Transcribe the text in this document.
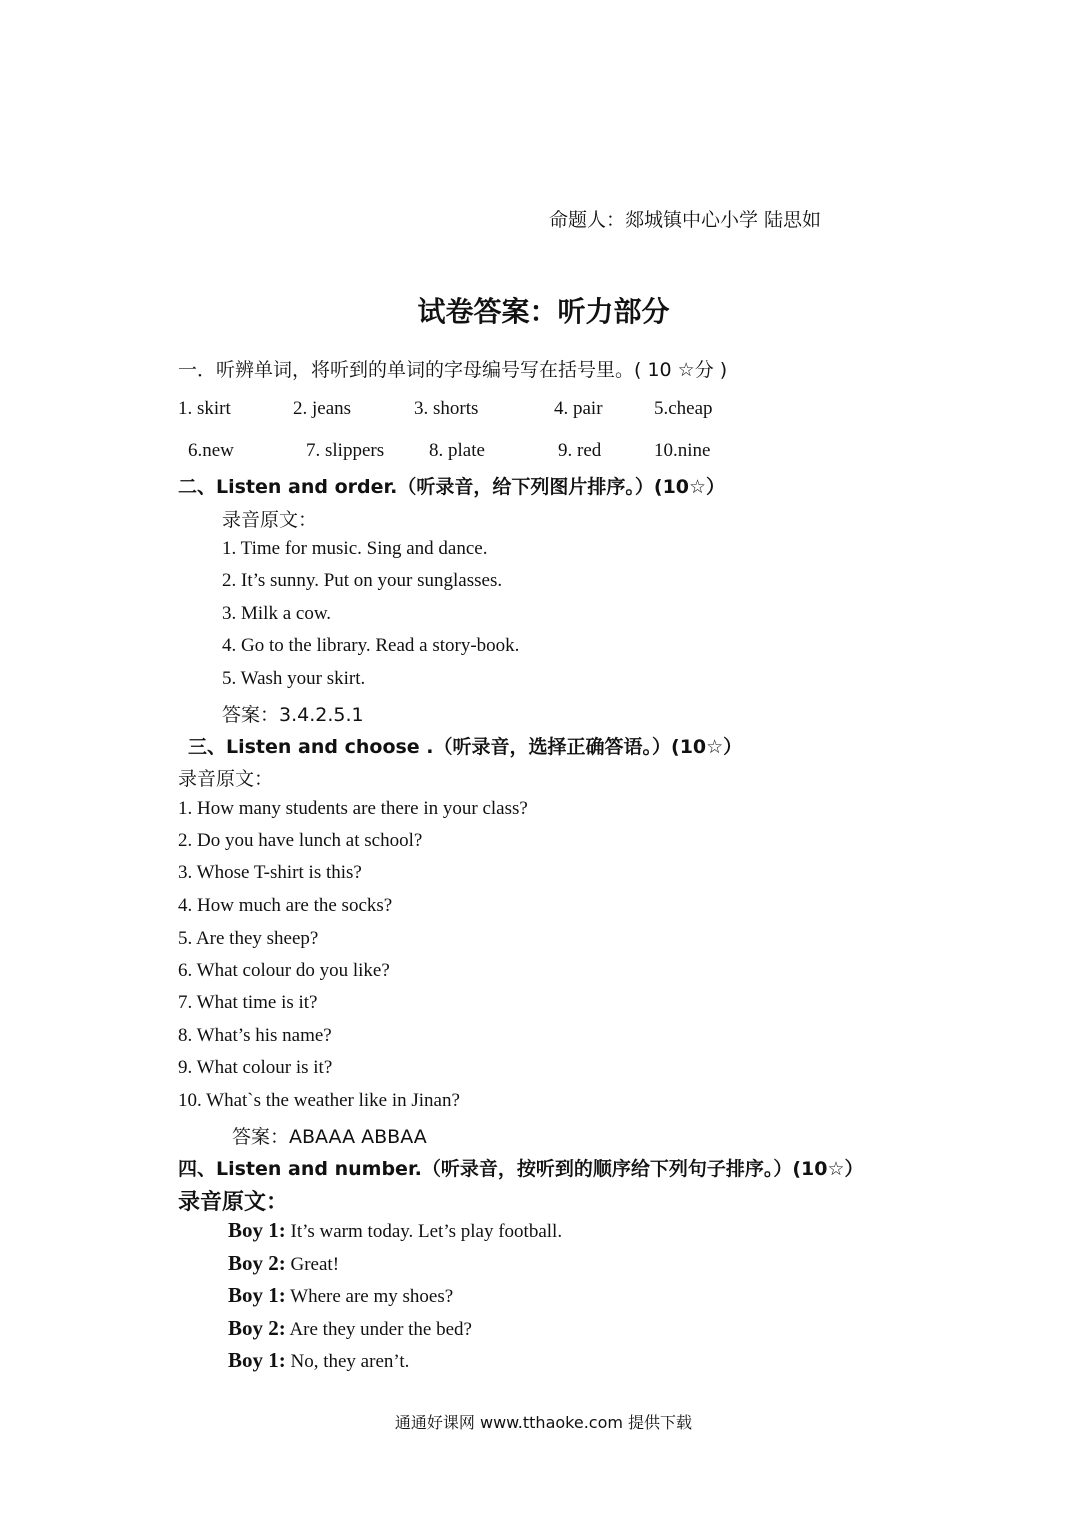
命题人：郯城镇中心小学 陆思如
试卷答案：听力部分
一．听辨单词，将听到的单词的字母编号写在括号里。( 10 ☆分 )
1. skirt	2. jeans	3. shorts	4. pair	5.cheap
6.new	7. slippers 8. plate	9. red	10.nine
二、Listen and order.（听录音，给下列图片排序。）(10☆）
录音原文：
1. Time for music. Sing and dance.
2. It’s sunny. Put on your sunglasses.
3. Milk a cow.
4. Go to the library. Read a story-book.
5. Wash your skirt.
答案：3.4.2.5.1
三、Listen and choose .（听录音，选择正确答语。）(10☆）
录音原文：
1. How many students are there in your class?
2. Do you have lunch at school?
3. Whose T-shirt is this?
4. How much are the socks?
5. Are they sheep?
6. What colour do you like?
7. What time is it?
8. What’s his name?
9. What colour is it?
10. What`s the weather like in Jinan?
答案：ABAAA ABBAA
四、Listen and number.（听录音，按听到的顺序给下列句子排序。）(10☆）
录音原文：
Boy 1: It’s warm today. Let’s play football.
Boy 2: Great!
Boy 1: Where are my shoes?
Boy 2: Are they under the bed?
Boy 1: No, they aren’t.
通通好课网 www.tthaoke.com 提供下载
